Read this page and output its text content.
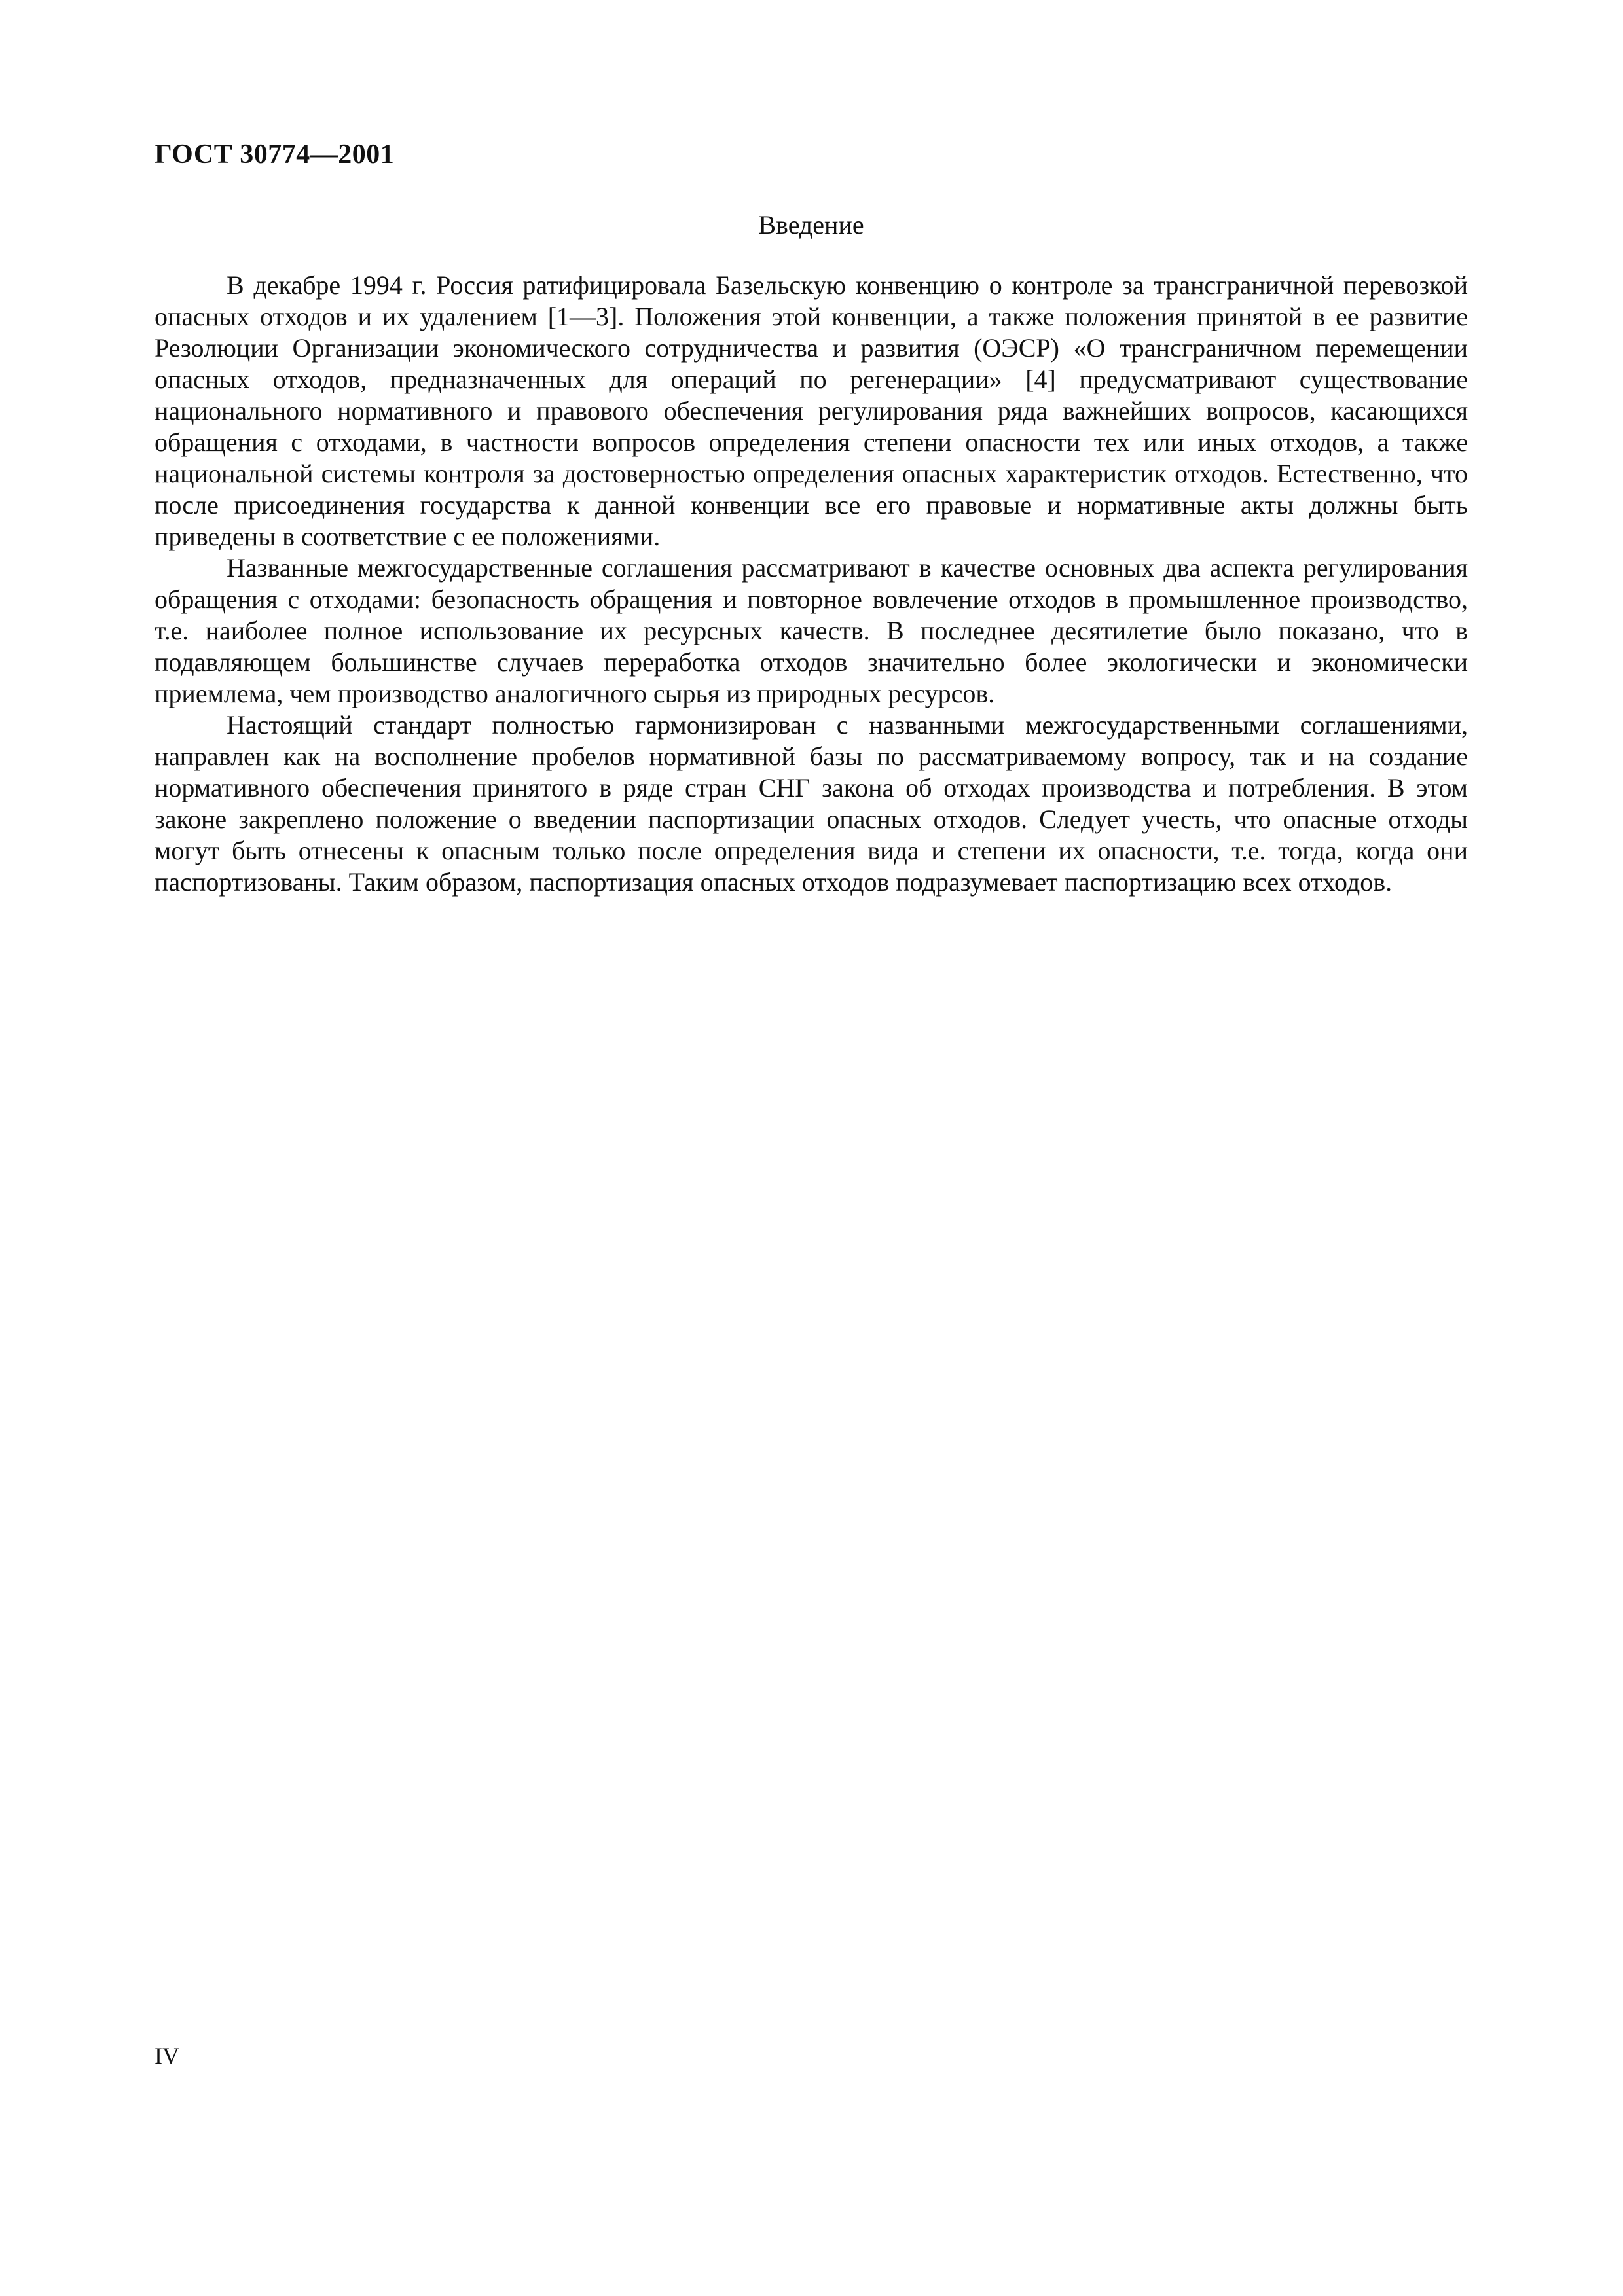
ГОСТ 30774—2001
Введение

В декабре 1994 г. Россия ратифицировала Базельскую конвенцию о контроле за трансграничной перевозкой опасных отходов и их удалением [1—3]. Положения этой конвенции, а также положения принятой в ее развитие Резолюции Организации экономического сотрудничества и развития (ОЭСР) «О трансграничном перемещении опасных отходов, предназначенных для операций по регенерации» [4] предусматривают существование национального нормативного и правового обеспечения регулирования ряда важнейших вопросов, касающихся обращения с отходами, в частности вопросов определения степени опасности тех или иных отходов, а также национальной системы контроля за достоверностью определения опасных характеристик отходов. Естественно, что после присоединения государства к данной конвенции все его правовые и нормативные акты должны быть приведены в соответствие с ее положениями.

Названные межгосударственные соглашения рассматривают в качестве основных два аспекта регулирования обращения с отходами: безопасность обращения и повторное вовлечение отходов в промышленное производство, т.е. наиболее полное использование их ресурсных качеств. В последнее десятилетие было показано, что в подавляющем большинстве случаев переработка отходов значительно более экологически и экономически приемлема, чем производство аналогичного сырья из природных ресурсов.

Настоящий стандарт полностью гармонизирован с названными межгосударственными соглашениями, направлен как на восполнение пробелов нормативной базы по рассматриваемому вопросу, так и на создание нормативного обеспечения принятого в ряде стран СНГ закона об отходах производства и потребления. В этом законе закреплено положение о введении паспортизации опасных отходов. Следует учесть, что опасные отходы могут быть отнесены к опасным только после определения вида и степени их опасности, т.е. тогда, когда они паспортизованы. Таким образом, паспортизация опасных отходов подразумевает паспортизацию всех отходов.

IV
